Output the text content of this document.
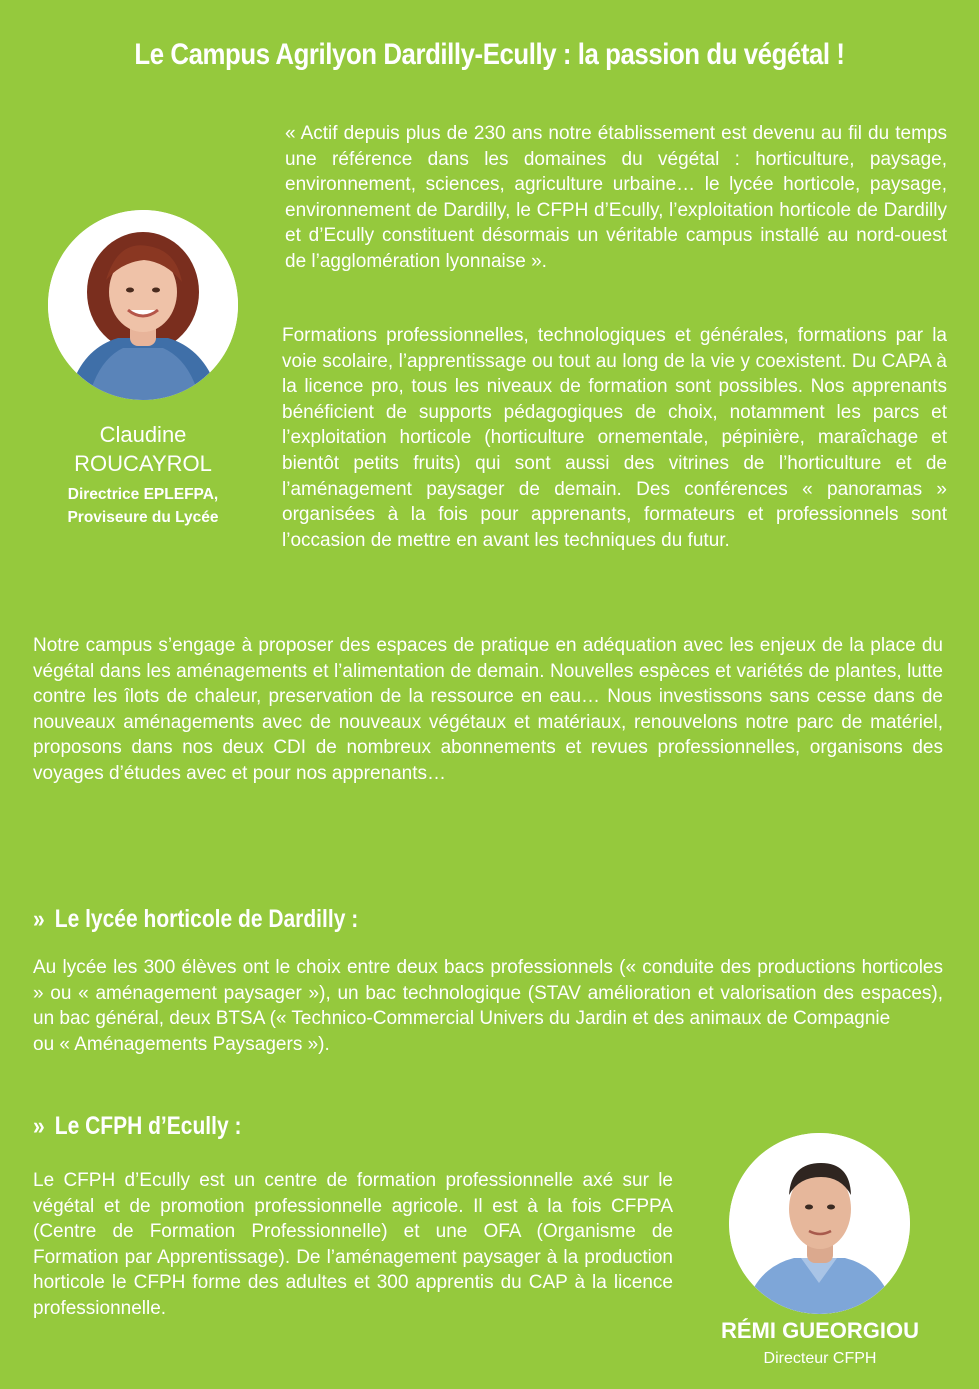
Le Campus Agrilyon Dardilly-Ecully : la passion du végétal !

« Actif depuis plus de 230 ans notre établissement est devenu au fil du temps une référence dans les domaines du végétal : horticulture, paysage, environnement, sciences, agriculture urbaine… le lycée horticole, paysage, environnement de Dardilly, le CFPH d’Ecully, l’exploitation horticole de Dardilly et d’Ecully constituent désormais un véritable campus installé au nord-ouest de l’agglomération lyonnaise ».

Claudine
ROUCAYROL
Directrice EPLEFPA,
Proviseure du Lycée

Formations professionnelles, technologiques et générales, formations par la voie scolaire, l’apprentissage ou tout au long de la vie y coexistent. Du CAPA à la licence pro, tous les niveaux de formation sont possibles. Nos apprenants bénéficient de supports pédagogiques de choix, notamment les parcs et l’exploitation horticole (horticulture ornementale, pépinière, maraîchage et bientôt petits fruits) qui sont aussi des vitrines de l’horticulture et de l’aménagement paysager de demain. Des conférences « panoramas » organisées à la fois pour apprenants, formateurs et professionnels sont l’occasion de mettre en avant les techniques du futur.

Notre campus s’engage à proposer des espaces de pratique en adéquation avec les enjeux de la place du végétal dans les aménagements et l’alimentation de demain. Nouvelles espèces et variétés de plantes, lutte contre les îlots de chaleur, preservation de la ressource en eau… Nous investissons sans cesse dans de nouveaux aménagements avec de nouveaux végétaux et matériaux, renouvelons notre parc de matériel, proposons dans nos deux CDI de nombreux abonnements et revues professionnelles, organisons des voyages d’études avec et pour nos apprenants…

» Le lycée horticole de Dardilly :
Au lycée les 300 élèves ont le choix entre deux bacs professionnels (« conduite des productions horticoles » ou « aménagement paysager »), un bac technologique (STAV amélioration et valorisation des espaces), un bac général, deux BTSA (« Technico-Commercial Univers du Jardin et des animaux de Compagnie
ou « Aménagements Paysagers »).
» Le CFPH d’Ecully :

Le CFPH d’Ecully est un centre de formation professionnelle axé sur le végétal et de promotion professionnelle agricole. Il est à la fois CFPPA (Centre de Formation Professionnelle) et une OFA (Organisme de Formation par Apprentissage). De l’aménagement paysager à la production horticole le CFPH forme des adultes et 300 apprentis du CAP à la licence professionnelle.

RÉMI GUEORGIOU
Directeur CFPH
